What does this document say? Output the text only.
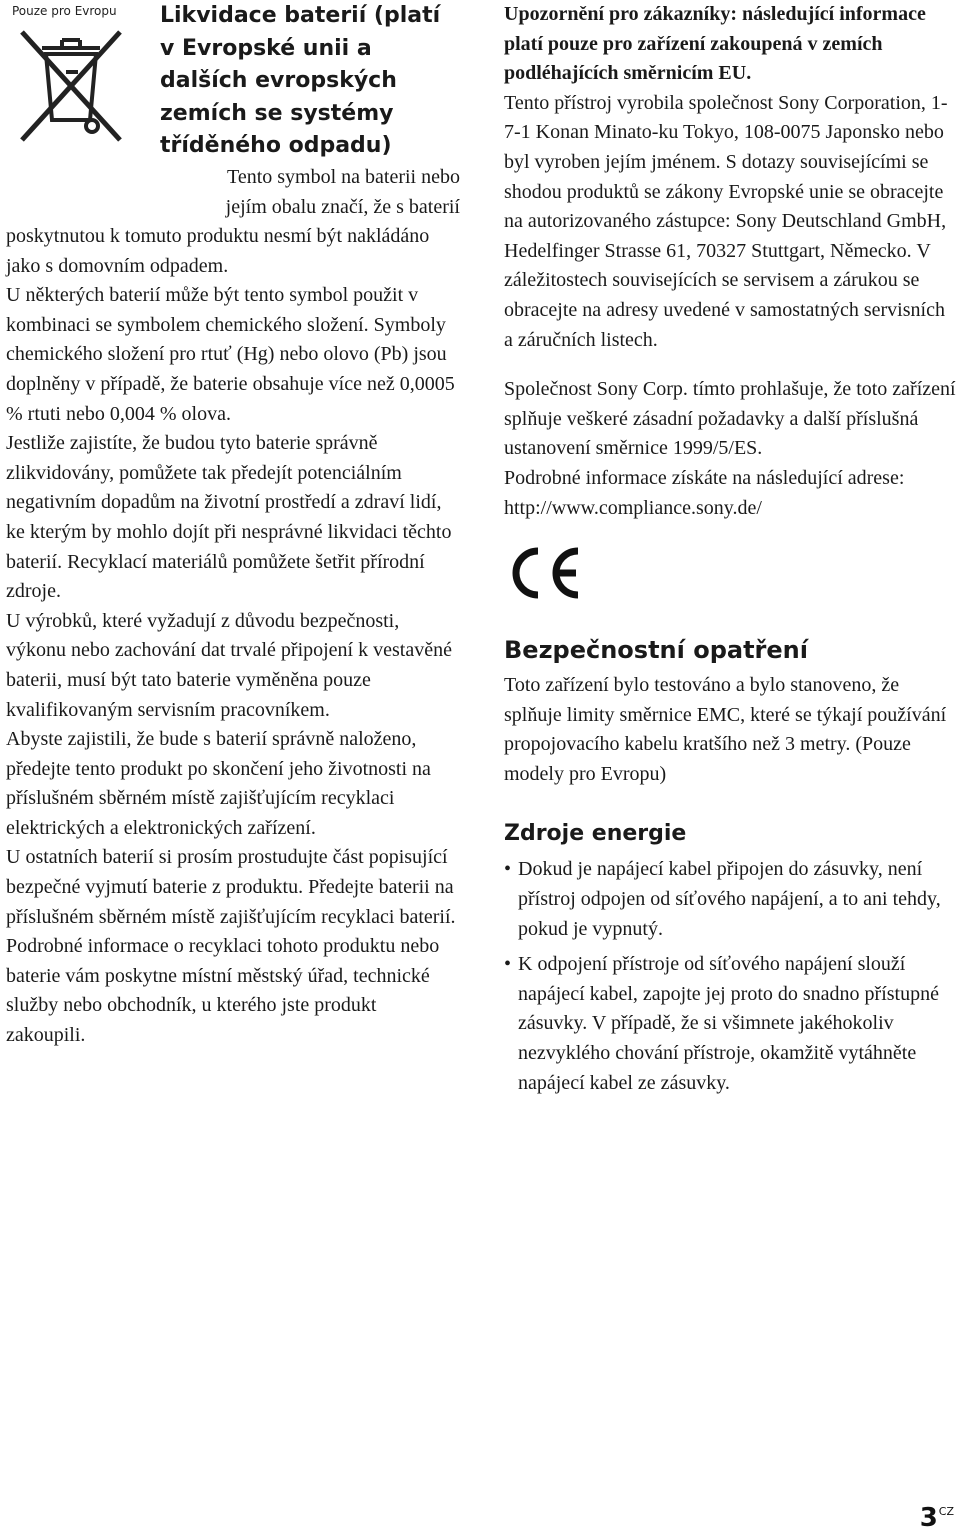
Pouze pro Evropu Likvidace baterií (platí v Evropské unii a dalších evropských zemích se systémy tříděného odpadu)
Tento symbol na baterii nebo
jejím obalu značí, že s baterií

poskytnutou k tomuto produktu nesmí být nakládáno jako s domovním odpadem.

U některých baterií může být tento symbol použit v kombinaci se symbolem chemického složení. Symboly chemického složení pro rtuť (Hg) nebo olovo (Pb) jsou doplněny v případě, že baterie obsahuje více než 0,0005 % rtuti nebo 0,004 % olova.

Jestliže zajistíte, že budou tyto baterie správně zlikvidovány, pomůžete tak předejít potenciálním negativním dopadům na životní prostředí a zdraví lidí, ke kterým by mohlo dojít při nesprávné likvidaci těchto baterií. Recyklací materiálů pomůžete šetřit přírodní zdroje.

U výrobků, které vyžadují z důvodu bezpečnosti, výkonu nebo zachování dat trvalé připojení k vestavěné baterii, musí být tato baterie vyměněna pouze kvalifikovaným servisním pracovníkem.

Abyste zajistili, že bude s baterií správně naloženo, předejte tento produkt po skončení jeho životnosti na příslušném sběrném místě zajišťujícím recyklaci elektrických a elektronických zařízení.

U ostatních baterií si prosím prostudujte část popisující bezpečné vyjmutí baterie z produktu. Předejte baterii na příslušném sběrném místě zajišťujícím recyklaci baterií.

Podrobné informace o recyklaci tohoto produktu nebo baterie vám poskytne místní městský úřad, technické služby nebo obchodník, u kterého jste produkt zakoupili.

Upozornění pro zákazníky: následující informace platí pouze pro zařízení zakoupená v zemích podléhajících směrnicím EU.

Tento přístroj vyrobila společnost Sony Corporation, 1-7-1 Konan Minato-ku Tokyo, 108-0075 Japonsko nebo byl vyroben jejím jménem. S dotazy souvisejícími se shodou produktů se zákony Evropské unie se obracejte na autorizovaného zástupce: Sony Deutschland GmbH, Hedelfinger Strasse 61, 70327 Stuttgart, Německo. V záležitostech souvisejících se servisem a zárukou se obracejte na adresy uvedené v samostatných servisních a záručních listech.

Společnost Sony Corp. tímto prohlašuje, že toto zařízení splňuje veškeré zásadní požadavky a další příslušná ustanovení směrnice 1999/5/ES.

Podrobné informace získáte na následující adrese: http://www.compliance.sony.de/

Bezpečnostní opatření

Toto zařízení bylo testováno a bylo stanoveno, že splňuje limity směrnice EMC, které se týkají používání propojovacího kabelu kratšího než 3 metry. (Pouze modely pro Evropu)

Zdroje energie
• Dokud je napájecí kabel připojen do zásuvky, není přístroj odpojen od síťového napájení, a to ani tehdy, pokud je vypnutý.
• K odpojení přístroje od síťového napájení slouží napájecí kabel, zapojte jej proto do snadno přístupné zásuvky. V případě, že si všimnete jakéhokoliv nezvyklého chování přístroje, okamžitě vytáhněte napájecí kabel ze zásuvky.
$3^{CZ}$
